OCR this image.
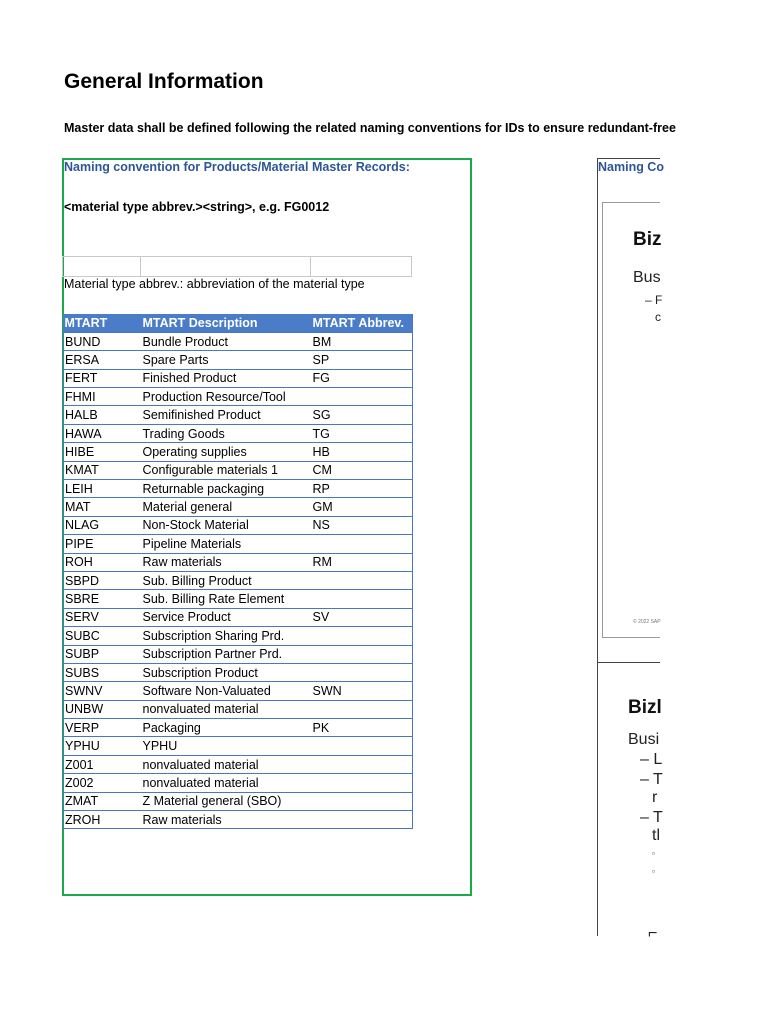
General Information
Master data shall be defined following the related naming conventions for IDs to ensure redundant-free
Naming convention for Products/Material Master Records:
<material type abbrev.><string>, e.g. FG0012
Material type abbrev.: abbreviation of the material type
MTART	MTART Description	MTART Abbrev.
BUND	Bundle Product	BM
ERSA	Spare Parts	SP
FERT	Finished Product	FG
FHMI	Production Resource/Tool	
HALB	Semifinished Product	SG
HAWA	Trading Goods	TG
HIBE	Operating supplies	HB
KMAT	Configurable materials 1	CM
LEIH	Returnable packaging	RP
MAT	Material general	GM
NLAG	Non-Stock Material	NS
PIPE	Pipeline Materials	
ROH	Raw materials	RM
SBPD	Sub. Billing Product	
SBRE	Sub. Billing Rate Element	
SERV	Service Product	SV
SUBC	Subscription Sharing Prd.	
SUBP	Subscription Partner Prd.	
SUBS	Subscription Product	
SWNV	Software Non-Valuated	SWN
UNBW	nonvaluated material	
VERP	Packaging	PK
YPHU	YPHU	
Z001	nonvaluated material	
Z002	nonvaluated material	
ZMAT	Z Material general (SBO)	
ZROH	Raw materials	
Naming Co
Biz
Bus
– F
c
© 2022 SAP
Bizl
Busi
– L
– T
r
– T
tl
▫
▫
⌐
